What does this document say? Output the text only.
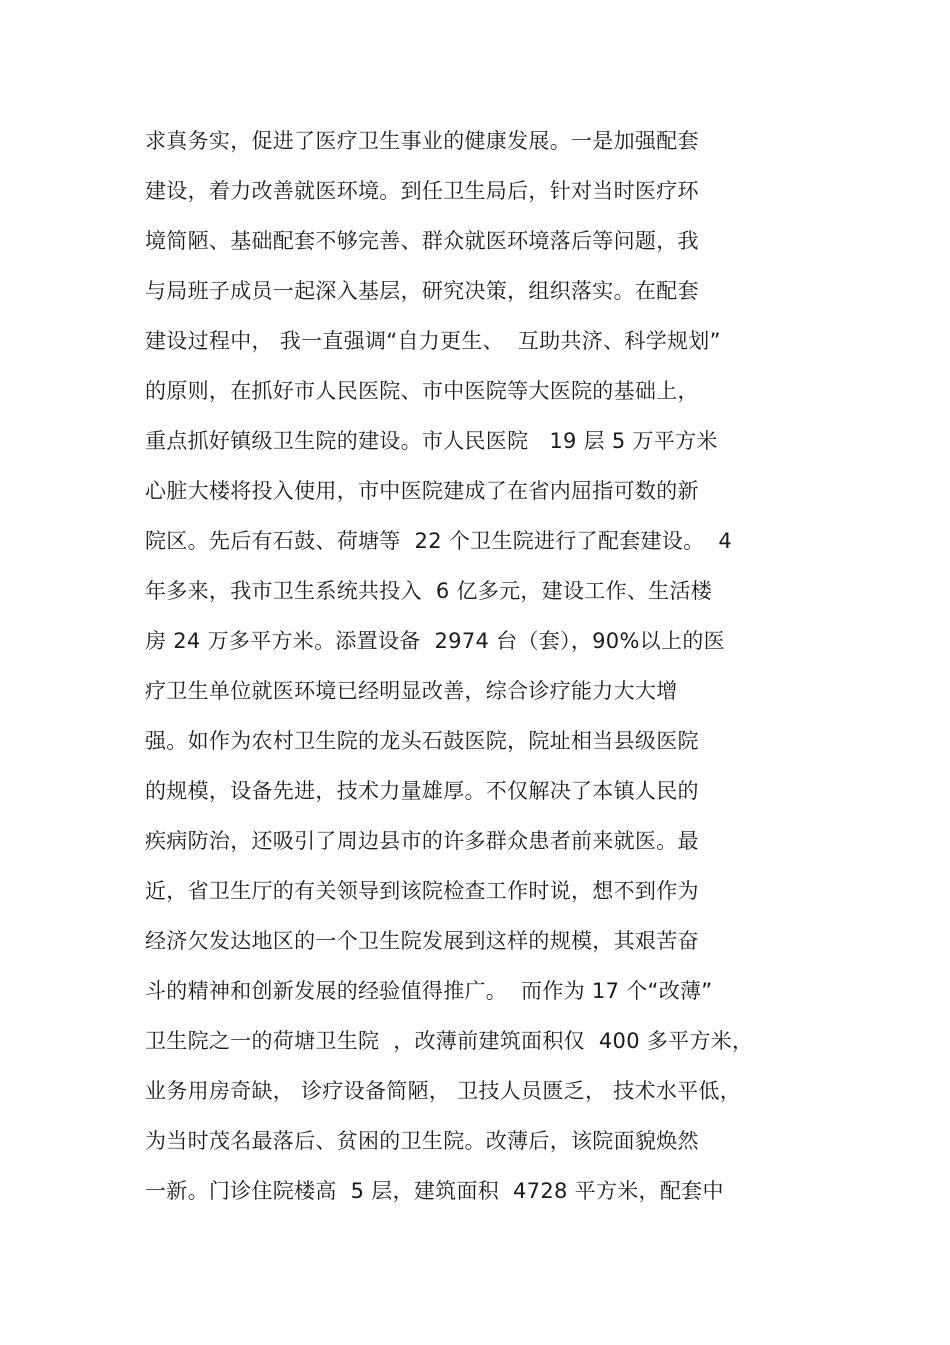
求真务实，促进了医疗卫生事业的健康发展。一是加强配套
建设，着力改善就医环境。到任卫生局后，针对当时医疗环
境简陋、基础配套不够完善、群众就医环境落后等问题，我
与局班子成员一起深入基层，研究决策，组织落实。在配套
建设过程中， 我一直强调“自力更生、  互助共济、科学规划”
的原则，在抓好市人民医院、市中医院等大医院的基础上，
重点抓好镇级卫生院的建设。市人民医院   19 层 5 万平方米
心脏大楼将投入使用，市中医院建成了在省内屈指可数的新
院区。先后有石鼓、荷塘等  22 个卫生院进行了配套建设。  4
年多来，我市卫生系统共投入  6 亿多元，建设工作、生活楼
房 24 万多平方米。添置设备  2974 台（套），90%以上的医
疗卫生单位就医环境已经明显改善，综合诊疗能力大大增
强。如作为农村卫生院的龙头石鼓医院，院址相当县级医院
的规模，设备先进，技术力量雄厚。不仅解决了本镇人民的
疾病防治，还吸引了周边县市的许多群众患者前来就医。最
近，省卫生厅的有关领导到该院检查工作时说，想不到作为
经济欠发达地区的一个卫生院发展到这样的规模，其艰苦奋
斗的精神和创新发展的经验值得推广。  而作为 17 个“改薄”
卫生院之一的荷塘卫生院  ，改薄前建筑面积仅  400 多平方米，
业务用房奇缺， 诊疗设备简陋， 卫技人员匮乏， 技术水平低，
为当时茂名最落后、贫困的卫生院。改薄后，该院面貌焕然
一新。门诊住院楼高  5 层，建筑面积  4728 平方米，配套中
